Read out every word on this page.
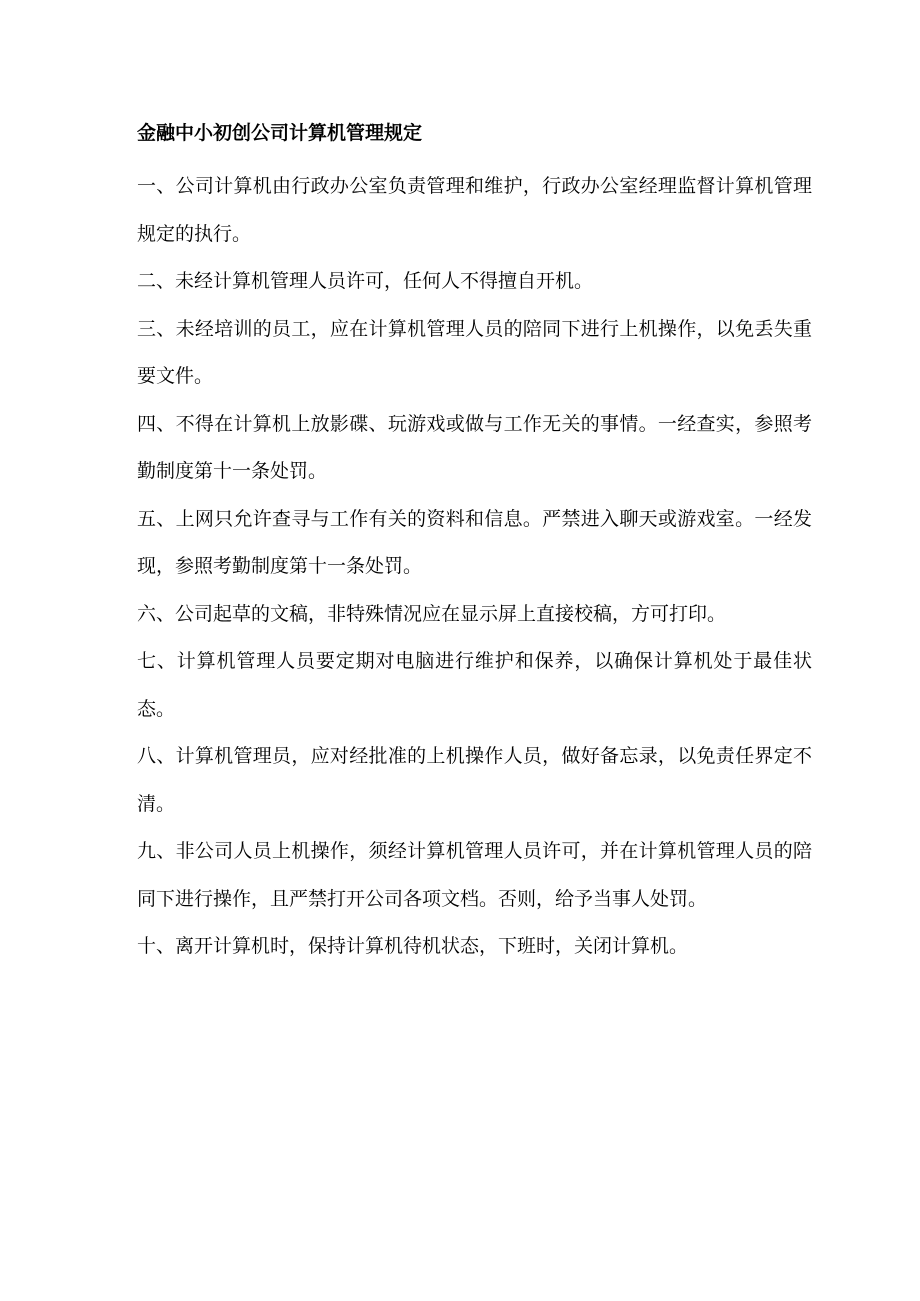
金融中小初创公司计算机管理规定
一、公司计算机由行政办公室负责管理和维护，行政办公室经理监督计算机管理规定的执行。
二、未经计算机管理人员许可，任何人不得擅自开机。
三、未经培训的员工，应在计算机管理人员的陪同下进行上机操作，以免丢失重要文件。
四、不得在计算机上放影碟、玩游戏或做与工作无关的事情。一经查实，参照考勤制度第十一条处罚。
五、上网只允许查寻与工作有关的资料和信息。严禁进入聊天或游戏室。一经发现，参照考勤制度第十一条处罚。
六、公司起草的文稿，非特殊情况应在显示屏上直接校稿，方可打印。
七、计算机管理人员要定期对电脑进行维护和保养，以确保计算机处于最佳状态。
八、计算机管理员，应对经批准的上机操作人员，做好备忘录，以免责任界定不清。
九、非公司人员上机操作，须经计算机管理人员许可，并在计算机管理人员的陪同下进行操作，且严禁打开公司各项文档。否则，给予当事人处罚。
十、离开计算机时，保持计算机待机状态，下班时，关闭计算机。
